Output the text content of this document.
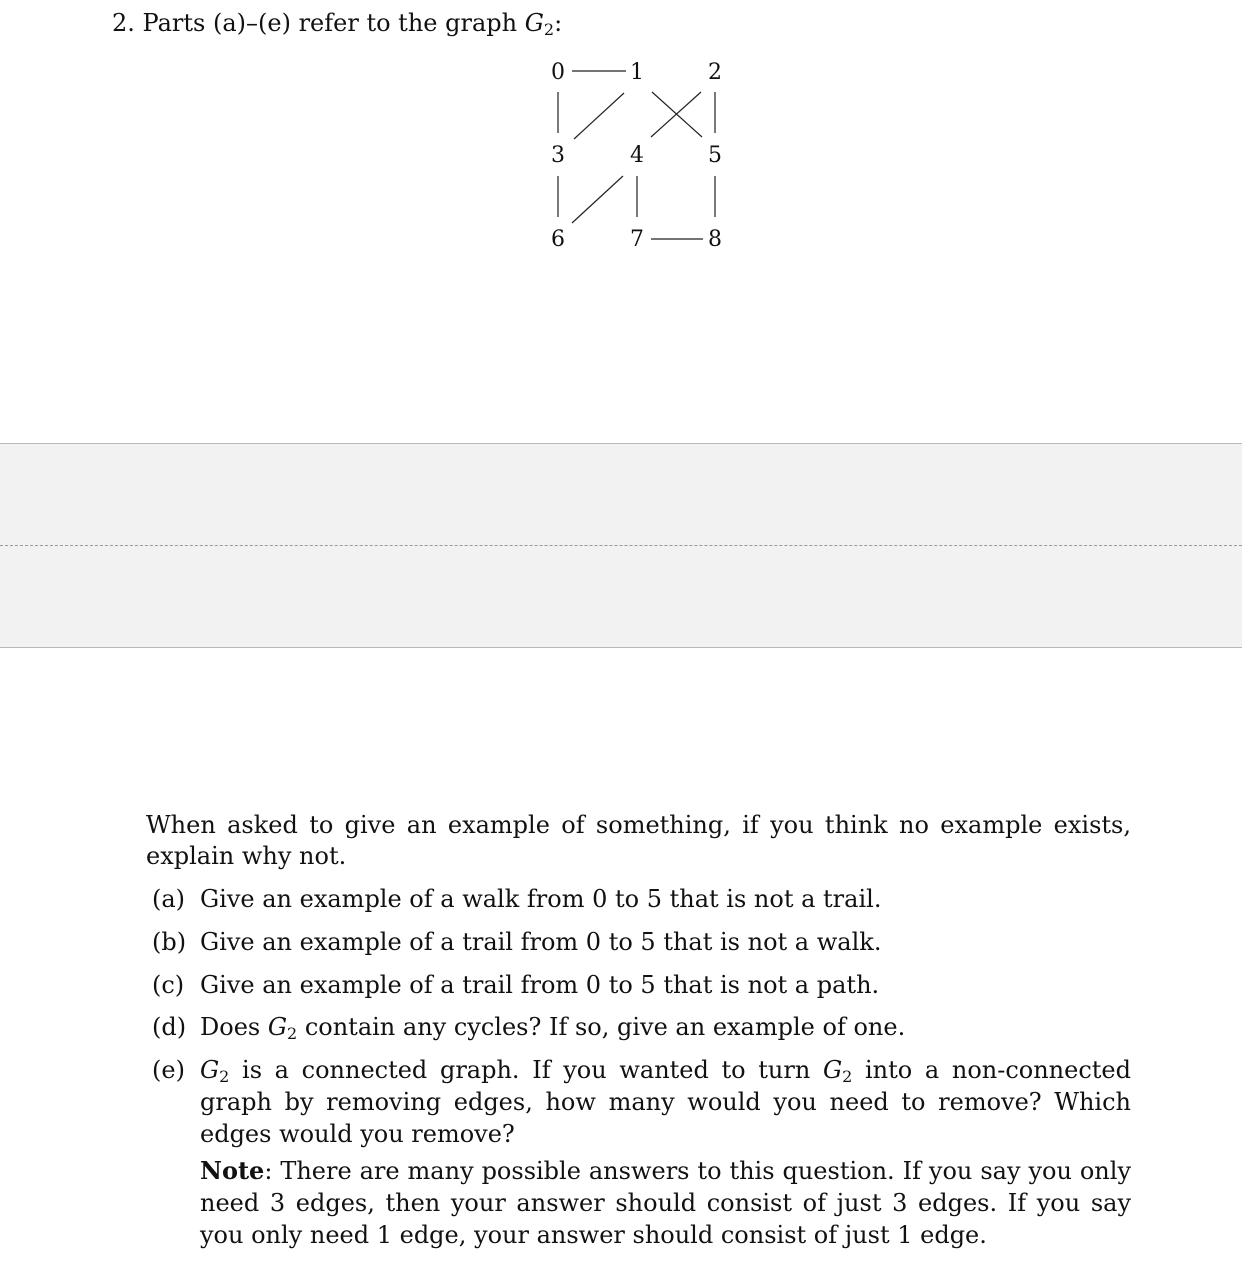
2. Parts (a)–(e) refer to the graph $G_2$:
0	1	2
3	4	5
6	7	8
When asked to give an example of something, if you think no example exists, explain why not.
(a) Give an example of a walk from 0 to 5 that is not a trail.
(b) Give an example of a trail from 0 to 5 that is not a walk.
(c) Give an example of a trail from 0 to 5 that is not a path.
(d) Does $G_2$ contain any cycles? If so, give an example of one.
(e) $G_2$ is a connected graph. If you wanted to turn $G_2$ into a non-connected graph by removing edges, how many would you need to remove? Which edges would you remove?
Note: There are many possible answers to this question. If you say you only need 3 edges, then your answer should consist of just 3 edges. If you say you only need 1 edge, your answer should consist of just 1 edge.
